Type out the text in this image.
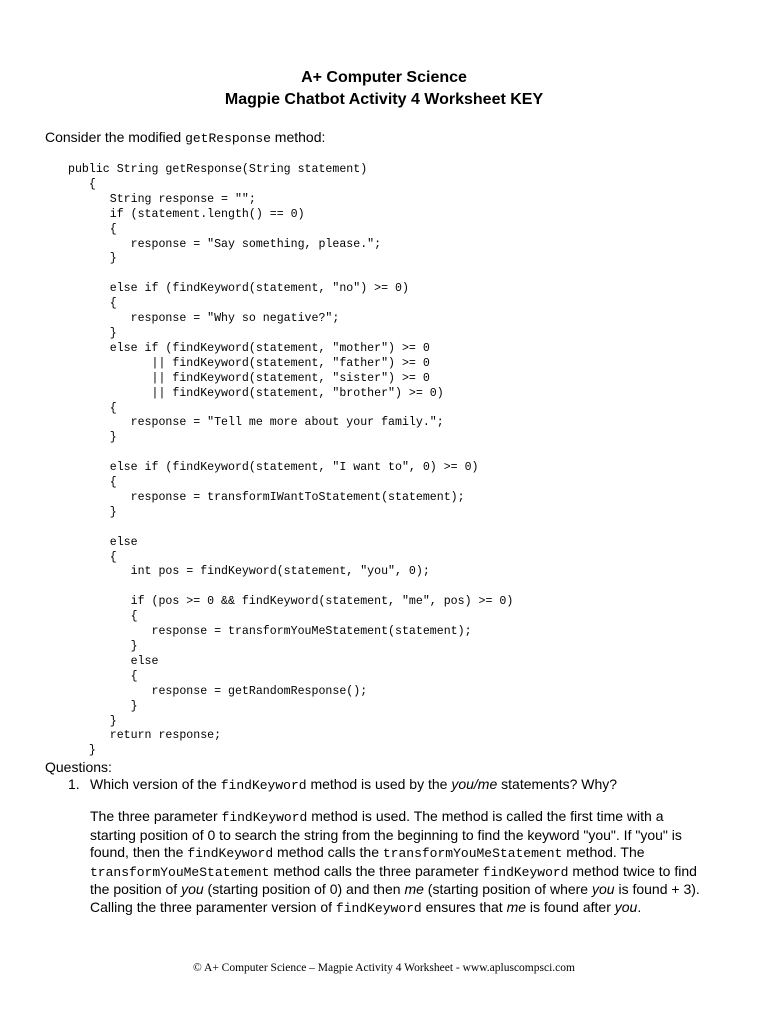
A+ Computer Science
Magpie Chatbot Activity 4 Worksheet KEY
Consider the modified getResponse method:
public String getResponse(String statement)
{
String response = "";
if (statement.length() == 0)
{
response = "Say something, please.";
}

else if (findKeyword(statement, "no") >= 0)
{
response = "Why so negative?";
}
else if (findKeyword(statement, "mother") >= 0
|| findKeyword(statement, "father") >= 0
|| findKeyword(statement, "sister") >= 0
|| findKeyword(statement, "brother") >= 0)
{
response = "Tell me more about your family.";
}

else if (findKeyword(statement, "I want to", 0) >= 0)
{
response = transformIWantToStatement(statement);
}

else
{
int pos = findKeyword(statement, "you", 0);

if (pos >= 0 && findKeyword(statement, "me", pos) >= 0)
{
response = transformYouMeStatement(statement);
}
else
{
response = getRandomResponse();
}
}
return response;
}
Questions:
1. Which version of the findKeyword method is used by the you/me statements? Why?
The three parameter findKeyword method is used. The method is called the first time with a
starting position of 0 to search the string from the beginning to find the keyword "you". If "you" is
found, then the findKeyword method calls the transformYouMeStatement method. The
transformYouMeStatement method calls the three parameter findKeyword method twice to find
the position of you (starting position of 0) and then me (starting position of where you is found + 3).
Calling the three paramenter version of findKeyword ensures that me is found after you.
© A+ Computer Science – Magpie Activity 4 Worksheet - www.apluscompsci.com
